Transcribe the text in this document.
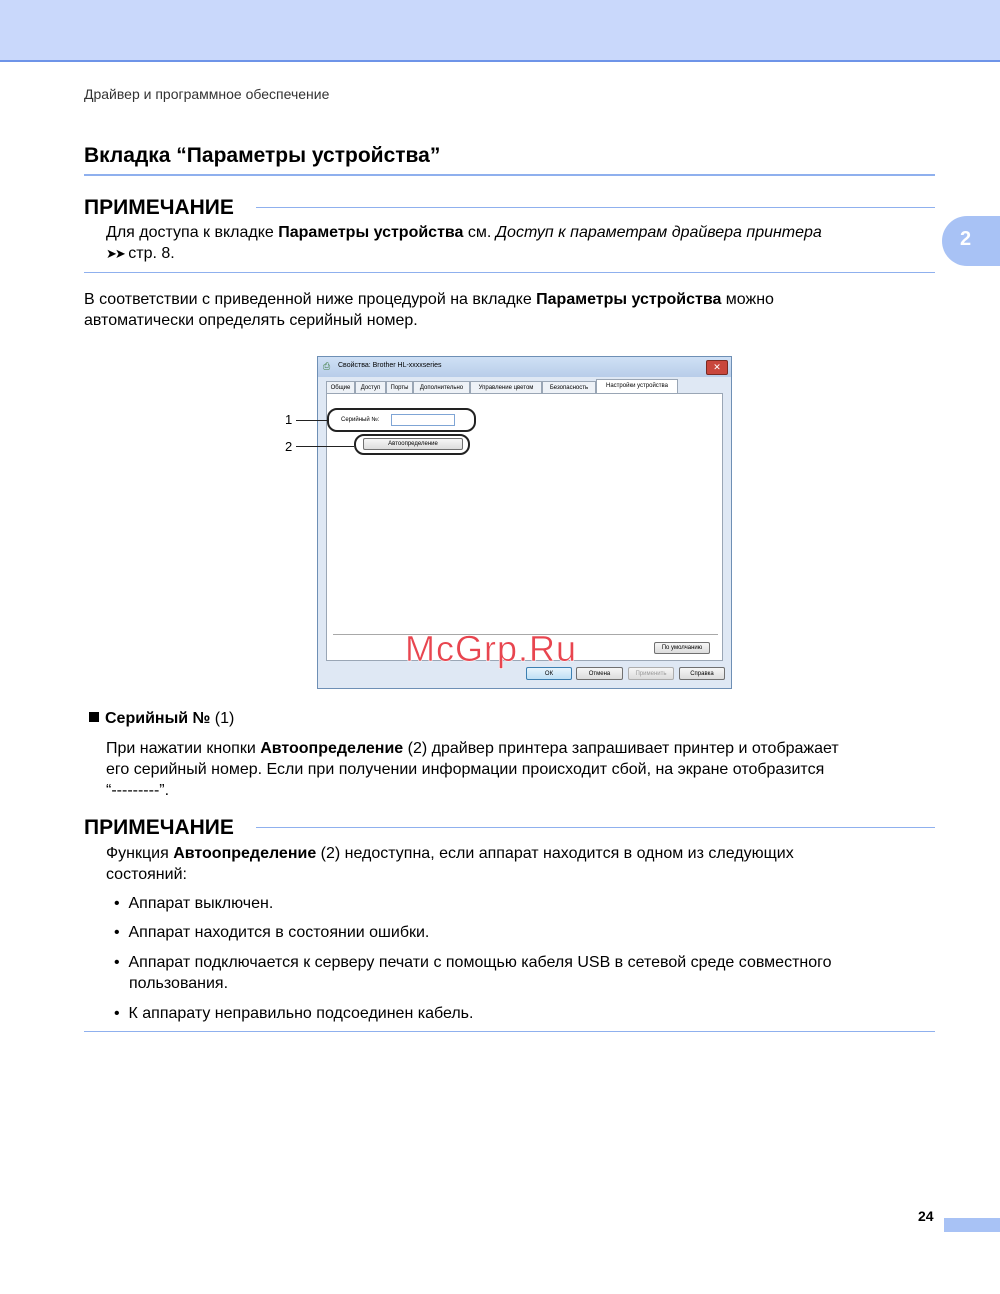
Драйвер и программное обеспечение
2
Вкладка “Параметры устройства”
ПРИМЕЧАНИЕ
Для доступа к вкладке Параметры устройства см. Доступ к параметрам драйвера принтера
➤➤ стр. 8.
В соответствии с приведенной ниже процедурой на вкладке Параметры устройства можно
автоматически определять серийный номер.
⎙	Свойства: Brother HL-xxxxseries	✕
Общие	Доступ	Порты	Дополнительно	Управление цветом	Безопасность	Настройки устройства
Серийный №:
Автоопределение
По умолчанию
ОК	Отмена	Применить	Справка
1
2
McGrp.Ru
Серийный № (1)
При нажатии кнопки Автоопределение (2) драйвер принтера запрашивает принтер и отображает
его серийный номер. Если при получении информации происходит сбой, на экране отобразится
“---------”.
ПРИМЕЧАНИЕ
Функция Автоопределение (2) недоступна, если аппарат находится в одном из следующих
состояний:
•  Аппарат выключен.
•  Аппарат находится в состоянии ошибки.
•  Аппарат подключается к серверу печати с помощью кабеля USB в сетевой среде совместного
пользования.
•  К аппарату неправильно подсоединен кабель.
24
